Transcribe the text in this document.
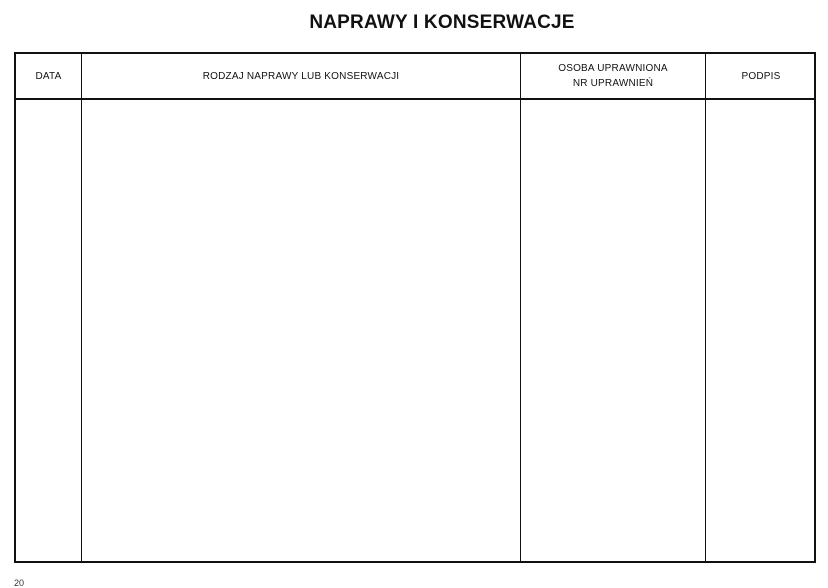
NAPRAWY I KONSERWACJE
DATA	RODZAJ NAPRAWY LUB KONSERWACJI
OSOBA UPRAWNIONA
NR UPRAWNIEŃ
PODPIS
20
